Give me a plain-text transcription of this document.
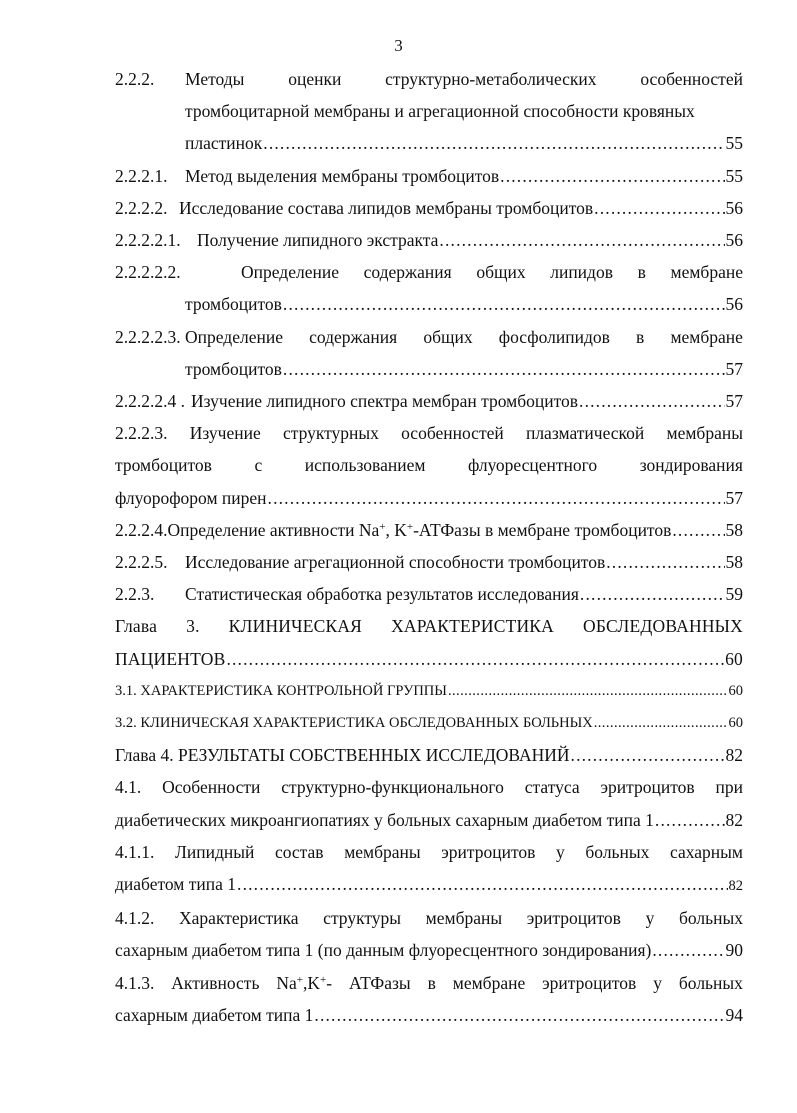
3
2.2.2.	Методы	оценки	структурно-метаболических	особенностей
тромбоцитарной мембраны и агрегационной способности кровяных
пластинок . . .	55
2.2.2.1.	Метод выделения мембраны тромбоцитов . . .	55
2.2.2.2. Исследование состава липидов мембраны тромбоцитов . . .	56
2.2.2.2.1. Получение липидного экстракта . . .	56
2.2.2.2.2.	Определение содержания общих липидов в мембране
тромбоцитов . . .	56
2.2.2.2.3. Определение содержания общих фосфолипидов в мембране
тромбоцитов . . .	57
2.2.2.2.4 . Изучение липидного спектра мембран тромбоцитов . . .	57
2.2.2.3. Изучение структурных особенностей плазматической мембраны
тромбоцитов с использованием флуоресцентного зондирования
флуорофором пирен . . .	57
2.2.2.4. Определение активности Na+, K+-АТФазы в мембране тромбоцитов . . .	58
2.2.2.5.	Исследование агрегационной способности тромбоцитов . . .	58
2.2.3.	Статистическая обработка результатов исследования . . .	59
Глава 3. КЛИНИЧЕСКАЯ ХАРАКТЕРИСТИКА ОБСЛЕДОВАННЫХ
ПАЦИЕНТОВ . . .	60
3.1. ХАРАКТЕРИСТИКА КОНТРОЛЬНОЙ ГРУППЫ . . .	60
3.2. КЛИНИЧЕСКАЯ ХАРАКТЕРИСТИКА ОБСЛЕДОВАННЫХ БОЛЬНЫХ . . .	60
Глава 4. РЕЗУЛЬТАТЫ СОБСТВЕННЫХ ИССЛЕДОВАНИЙ . . .	82
4.1. Особенности структурно-функционального статуса эритроцитов при
диабетических микроангиопатиях у больных сахарным диабетом типа 1 . . .	82
4.1.1. Липидный состав мембраны эритроцитов у больных сахарным
диабетом типа 1 . . .	82
4.1.2. Характеристика структуры мембраны эритроцитов у больных
сахарным диабетом типа 1 (по данным флуоресцентного зондирования) . . .	90
4.1.3. Активность Na+,K+- АТФазы в мембране эритроцитов у больных
сахарным диабетом типа 1 . . .	94
